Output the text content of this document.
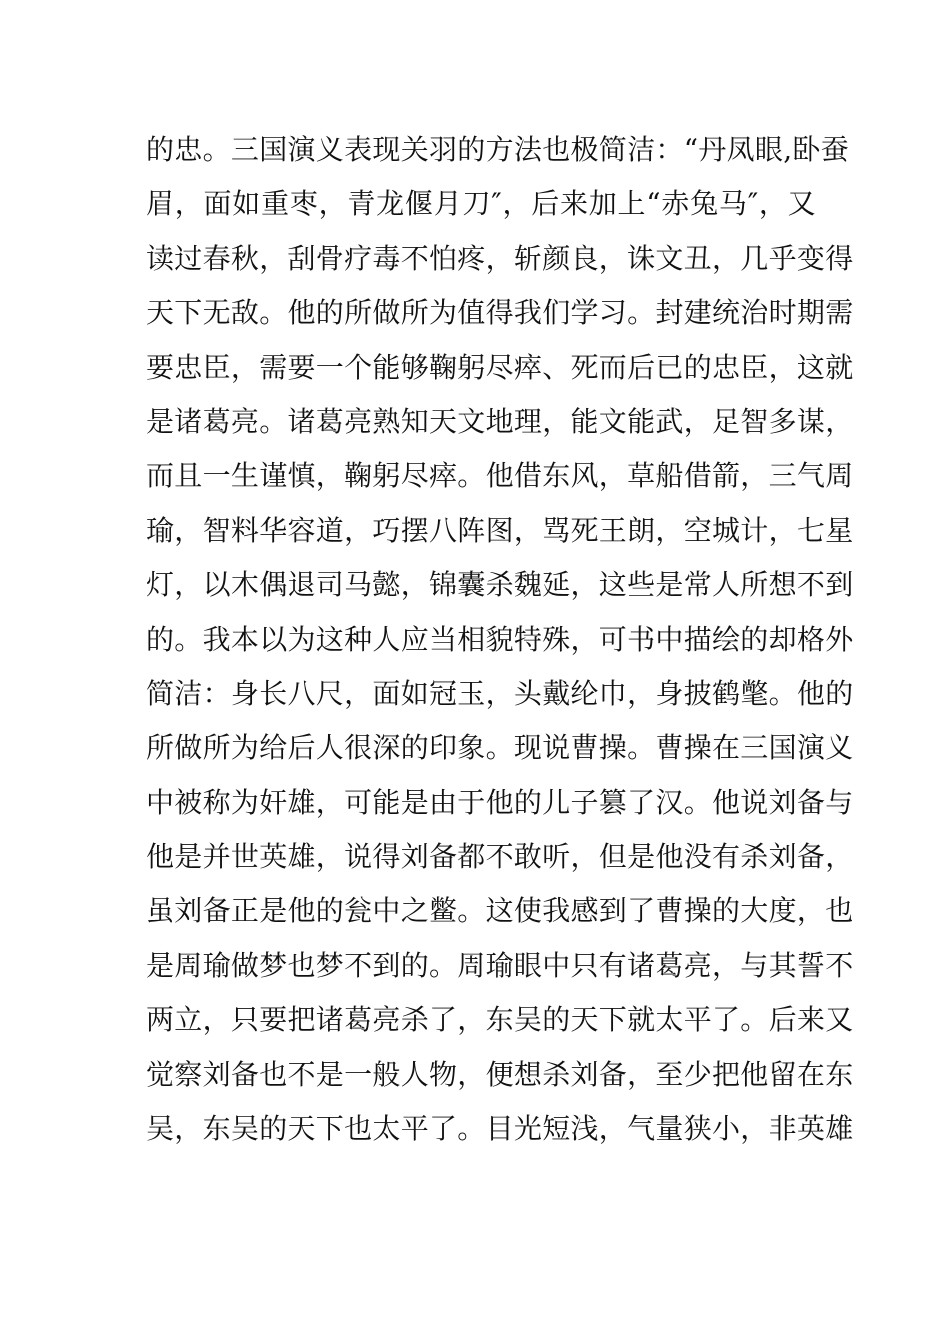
的忠。三国演义表现关羽的方法也极简洁：“丹凤眼,卧蚕
眉，面如重枣，青龙偃月刀″，后来加上“赤兔马″，又
读过春秋，刮骨疗毒不怕疼，斩颜良，诛文丑，几乎变得
天下无敌。他的所做所为值得我们学习。封建统治时期需
要忠臣，需要一个能够鞠躬尽瘁、死而后已的忠臣，这就
是诸葛亮。诸葛亮熟知天文地理，能文能武，足智多谋，
而且一生谨慎，鞠躬尽瘁。他借东风，草船借箭，三气周
瑜，智料华容道，巧摆八阵图，骂死王朗，空城计，七星
灯，以木偶退司马懿，锦囊杀魏延，这些是常人所想不到
的。我本以为这种人应当相貌特殊，可书中描绘的却格外
简洁：身长八尺，面如冠玉，头戴纶巾，身披鹤氅。他的
所做所为给后人很深的印象。现说曹操。曹操在三国演义
中被称为奸雄，可能是由于他的儿子篡了汉。他说刘备与
他是并世英雄，说得刘备都不敢听，但是他没有杀刘备，
虽刘备正是他的瓮中之鳖。这使我感到了曹操的大度，也
是周瑜做梦也梦不到的。周瑜眼中只有诸葛亮，与其誓不
两立，只要把诸葛亮杀了，东吴的天下就太平了。后来又
觉察刘备也不是一般人物，便想杀刘备，至少把他留在东
吴，东吴的天下也太平了。目光短浅，气量狭小，非英雄
